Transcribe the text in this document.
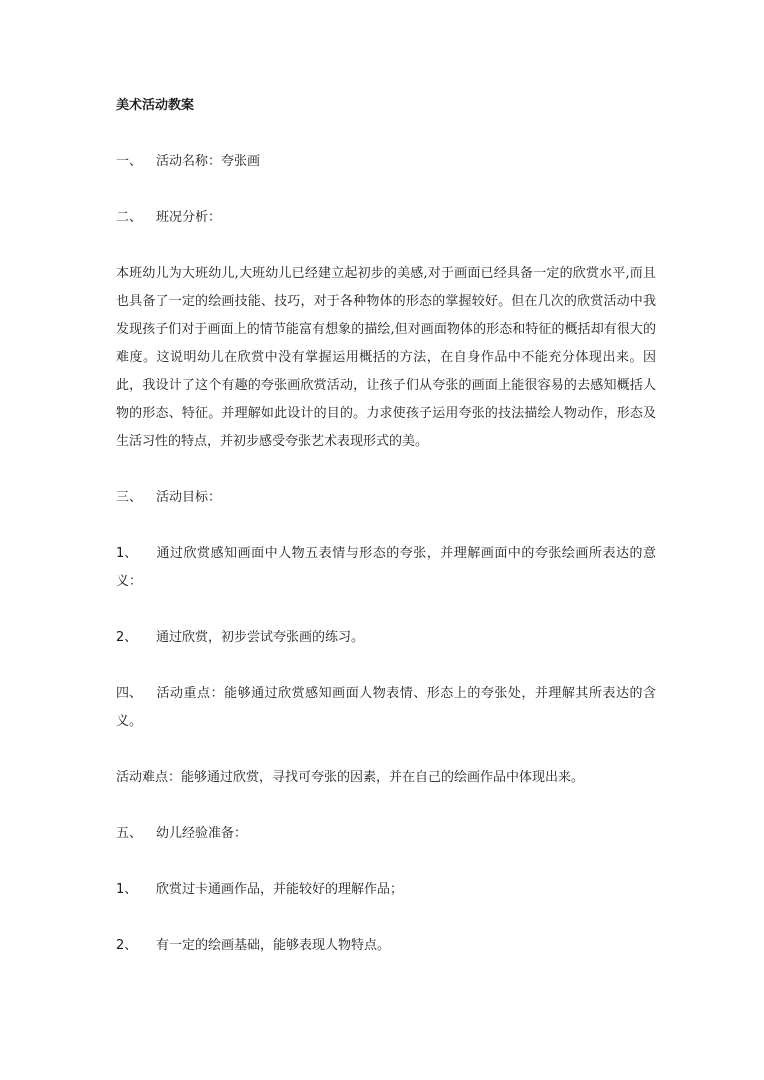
美术活动教案
一、 活动名称：夸张画
二、 班况分析：
本班幼儿为大班幼儿,大班幼儿已经建立起初步的美感,对于画面已经具备一定的欣赏水平,而且也具备了一定的绘画技能、技巧，对于各种物体的形态的掌握较好。但在几次的欣赏活动中我发现孩子们对于画面上的情节能富有想象的描绘,但对画面物体的形态和特征的概括却有很大的难度。这说明幼儿在欣赏中没有掌握运用概括的方法，在自身作品中不能充分体现出来。因此，我设计了这个有趣的夸张画欣赏活动，让孩子们从夸张的画面上能很容易的去感知概括人物的形态、特征。并理解如此设计的目的。力求使孩子运用夸张的技法描绘人物动作，形态及生活习性的特点，并初步感受夸张艺术表现形式的美。
三、 活动目标：
1、 通过欣赏感知画面中人物五表情与形态的夸张，并理解画面中的夸张绘画所表达的意义：
2、 通过欣赏，初步尝试夸张画的练习。
四、 活动重点：能够通过欣赏感知画面人物表情、形态上的夸张处，并理解其所表达的含义。
活动难点：能够通过欣赏，寻找可夸张的因素，并在自己的绘画作品中体现出来。
五、 幼儿经验准备：
1、 欣赏过卡通画作品，并能较好的理解作品；
2、 有一定的绘画基础，能够表现人物特点。
